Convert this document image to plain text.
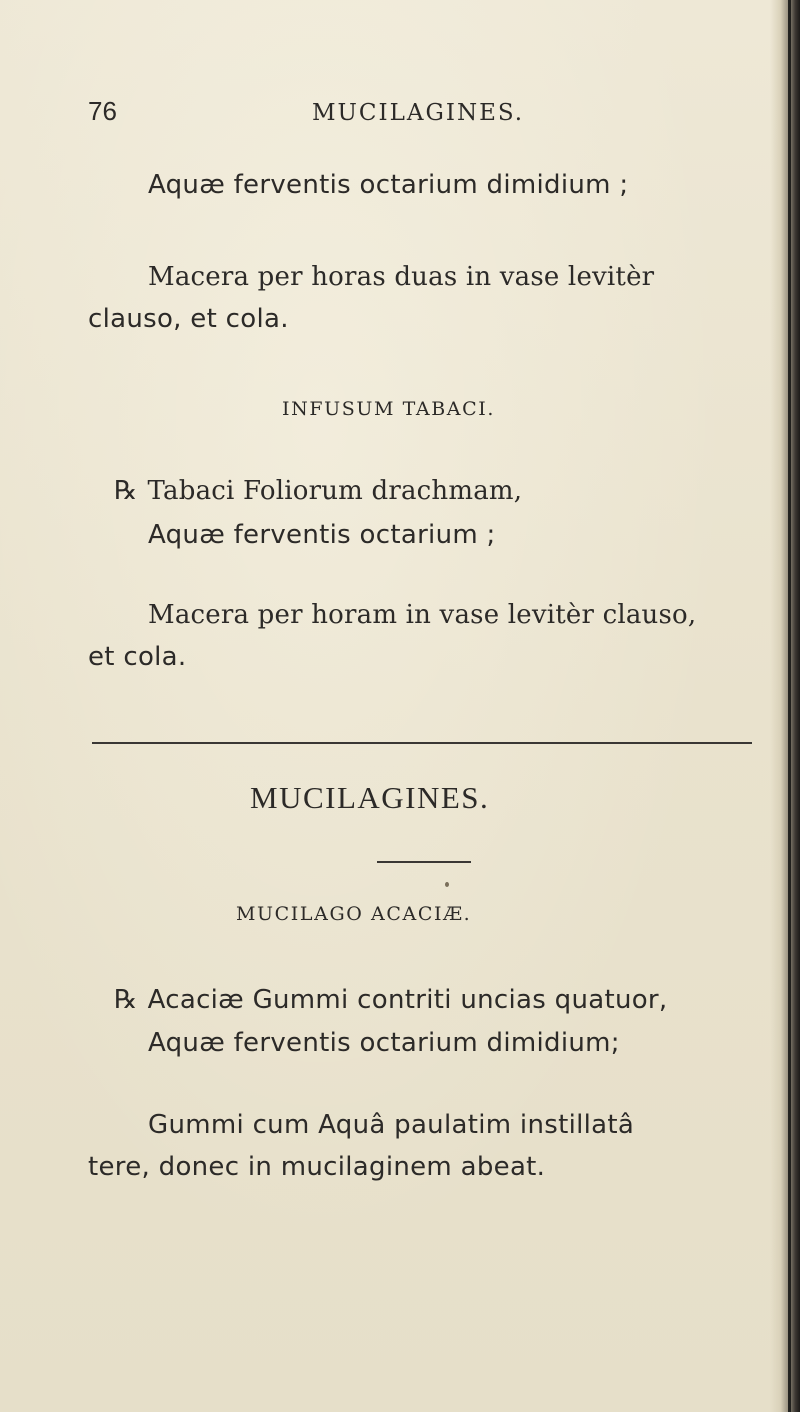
76	MUCILAGINES.

Aquæ ferventis octarium dimidium ;

Macera per horas duas in vase levitèr

clauso, et cola.

INFUSUM TABACI.

℞ Tabaci Foliorum drachmam,

Aquæ ferventis octarium ;

Macera per horam in vase levitèr clauso,

et cola.

MUCILAGINES.

MUCILAGO ACACIÆ.

℞ Acaciæ Gummi contriti uncias quatuor,

Aquæ ferventis octarium dimidium;

Gummi cum Aquâ paulatim instillatâ

tere, donec in mucilaginem abeat.
